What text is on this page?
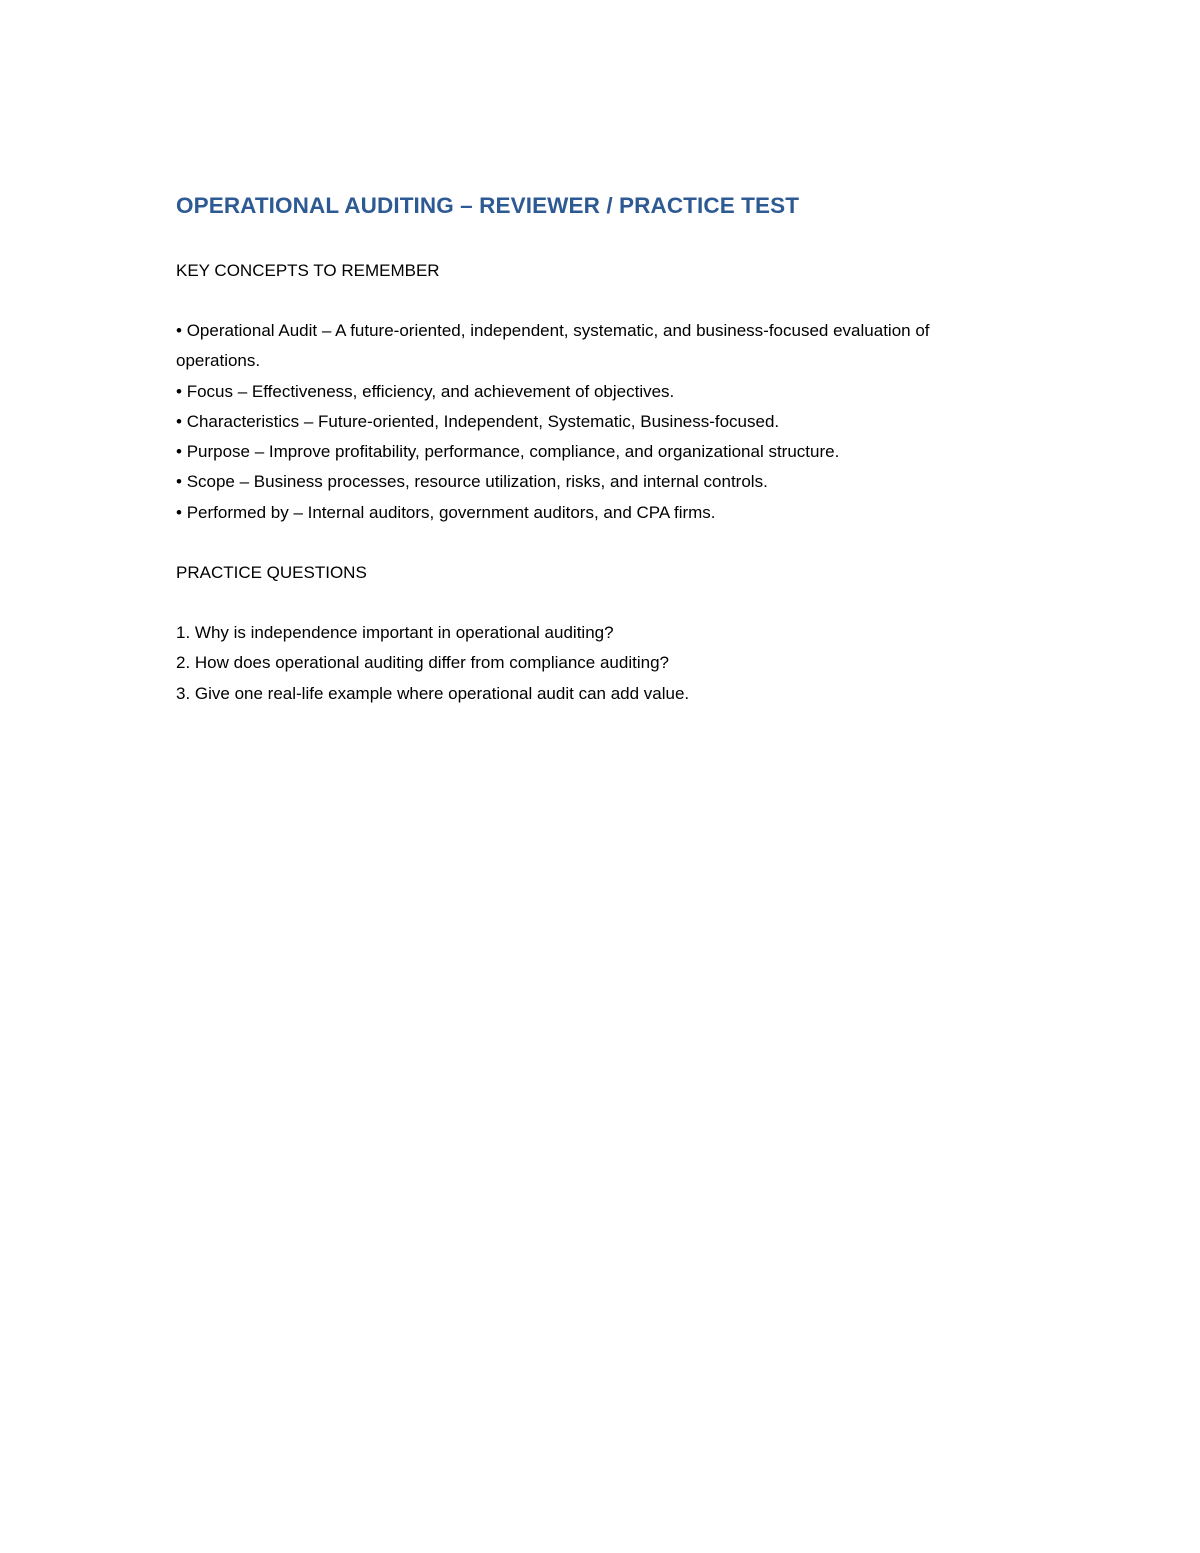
OPERATIONAL AUDITING – REVIEWER / PRACTICE TEST

KEY CONCEPTS TO REMEMBER

• Operational Audit – A future-oriented, independent, systematic, and business-focused evaluation of operations.
• Focus – Effectiveness, efficiency, and achievement of objectives.
• Characteristics – Future-oriented, Independent, Systematic, Business-focused.
• Purpose – Improve profitability, performance, compliance, and organizational structure.
• Scope – Business processes, resource utilization, risks, and internal controls.
• Performed by – Internal auditors, government auditors, and CPA firms.

PRACTICE QUESTIONS

1. Why is independence important in operational auditing?
2. How does operational auditing differ from compliance auditing?
3. Give one real-life example where operational audit can add value.
